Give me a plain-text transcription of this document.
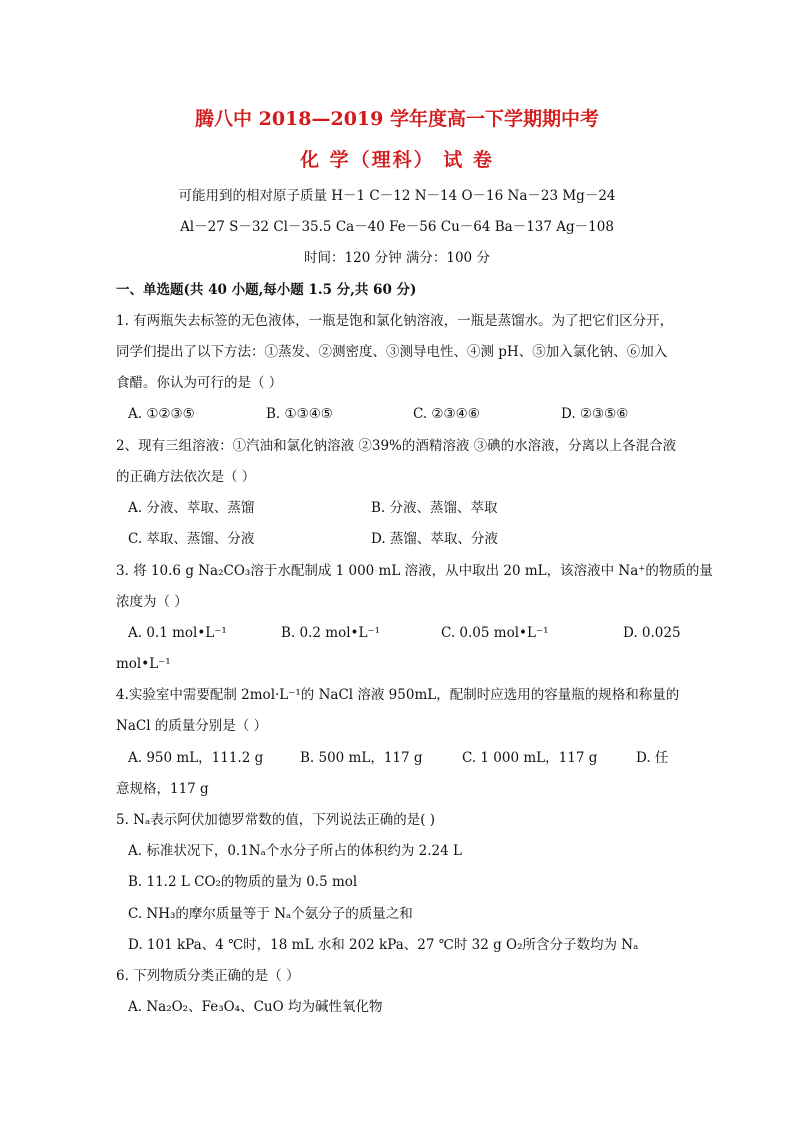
腾八中 2018—2019 学年度高一下学期期中考
化 学（理科） 试 卷
可能用到的相对原子质量 H－1 C－12 N－14 O－16 Na－23 Mg－24
Al－27 S－32 Cl－35.5 Ca－40 Fe－56 Cu－64 Ba－137 Ag－108
时间：120 分钟 满分：100 分
一、单选题(共 40 小题,每小题 1.5 分,共 60 分)
1. 有两瓶失去标签的无色液体，一瓶是饱和氯化钠溶液，一瓶是蒸馏水。为了把它们区分开，
同学们提出了以下方法：①蒸发、②测密度、③测导电性、④测 pH、⑤加入氯化钠、⑥加入
食醋。你认为可行的是（ ）
A. ①②③⑤	B. ①③④⑤	C. ②③④⑥	D. ②③⑤⑥
2、现有三组溶液：①汽油和氯化钠溶液 ②39%的酒精溶液 ③碘的水溶液，分离以上各混合液
的正确方法依次是（ ）
A. 分液、萃取、蒸馏	B. 分液、蒸馏、萃取
C. 萃取、蒸馏、分液	D. 蒸馏、萃取、分液
3. 将 10.6 g Na₂CO₃溶于水配制成 1 000 mL 溶液，从中取出 20 mL，该溶液中 Na⁺的物质的量
浓度为（ ）
A. 0.1 mol•L⁻¹	B. 0.2 mol•L⁻¹	C. 0.05 mol•L⁻¹	D. 0.025
mol•L⁻¹
4.实验室中需要配制 2mol·L⁻¹的 NaCl 溶液 950mL，配制时应选用的容量瓶的规格和称量的
NaCl 的质量分别是（ ）
A. 950 mL，111.2 g	B. 500 mL，117 g	C. 1 000 mL，117 g	D. 任
意规格，117 g
5. Nₐ表示阿伏加德罗常数的值，下列说法正确的是( )
A. 标准状况下，0.1Nₐ个水分子所占的体积约为 2.24 L
B. 11.2 L CO₂的物质的量为 0.5 mol
C. NH₃的摩尔质量等于 Nₐ个氨分子的质量之和
D. 101 kPa、4 ℃时，18 mL 水和 202 kPa、27 ℃时 32 g O₂所含分子数均为 Nₐ
6. 下列物质分类正确的是（ ）
A. Na₂O₂、Fe₃O₄、CuO 均为碱性氧化物
